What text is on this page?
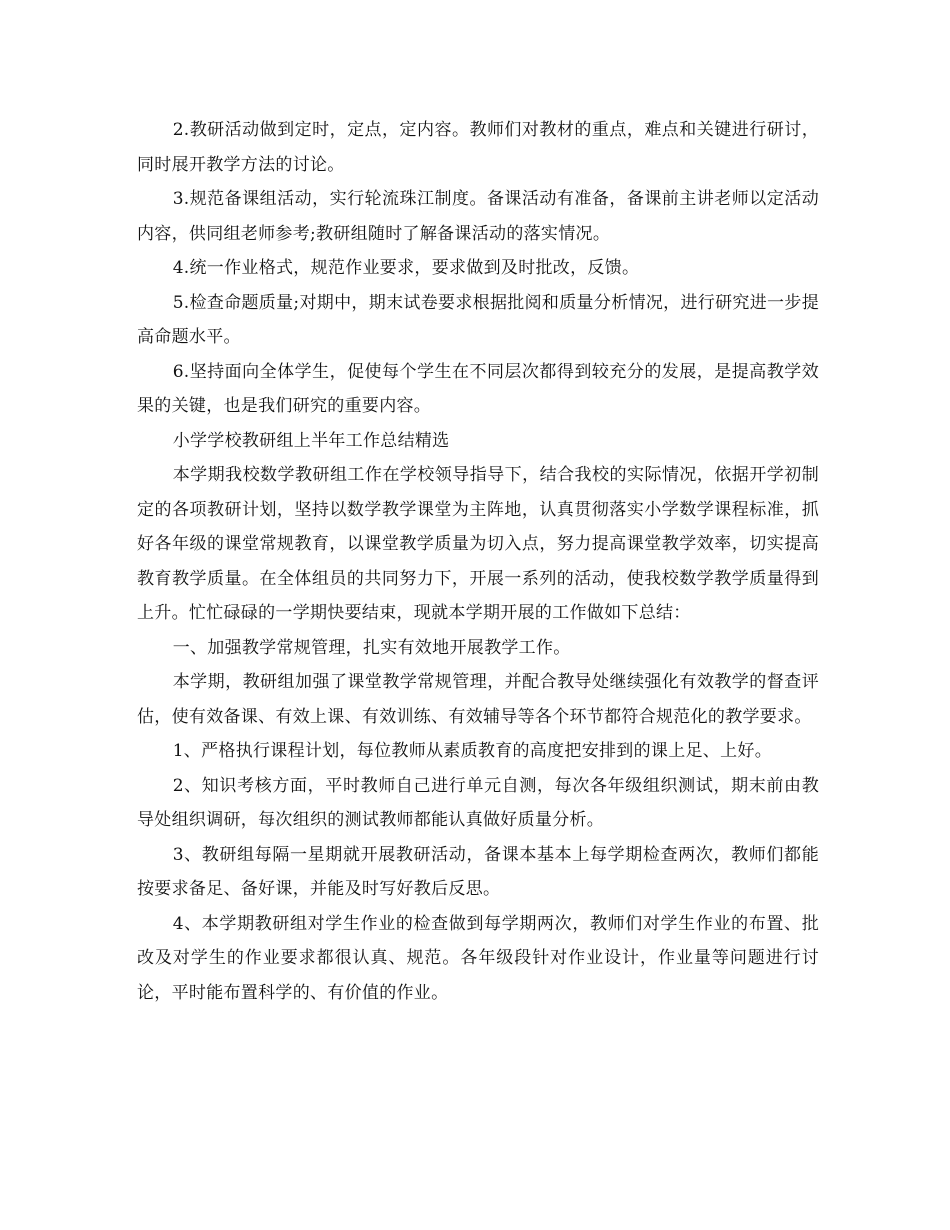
2.教研活动做到定时，定点，定内容。教师们对教材的重点，难点和关键进行研讨，同时展开教学方法的讨论。

3.规范备课组活动，实行轮流珠江制度。备课活动有准备，备课前主讲老师以定活动内容，供同组老师参考;教研组随时了解备课活动的落实情况。

4.统一作业格式，规范作业要求，要求做到及时批改，反馈。

5.检查命题质量;对期中，期末试卷要求根据批阅和质量分析情况，进行研究进一步提高命题水平。

6.坚持面向全体学生，促使每个学生在不同层次都得到较充分的发展，是提高教学效果的关键，也是我们研究的重要内容。

小学学校教研组上半年工作总结精选

本学期我校数学教研组工作在学校领导指导下，结合我校的实际情况，依据开学初制定的各项教研计划，坚持以数学教学课堂为主阵地，认真贯彻落实小学数学课程标准，抓好各年级的课堂常规教育，以课堂教学质量为切入点，努力提高课堂教学效率，切实提高教育教学质量。在全体组员的共同努力下，开展一系列的活动，使我校数学教学质量得到上升。忙忙碌碌的一学期快要结束，现就本学期开展的工作做如下总结：

一、加强教学常规管理，扎实有效地开展教学工作。

本学期，教研组加强了课堂教学常规管理，并配合教导处继续强化有效教学的督查评估，使有效备课、有效上课、有效训练、有效辅导等各个环节都符合规范化的教学要求。

1、严格执行课程计划，每位教师从素质教育的高度把安排到的课上足、上好。

2、知识考核方面，平时教师自己进行单元自测，每次各年级组织测试，期末前由教导处组织调研，每次组织的测试教师都能认真做好质量分析。

3、教研组每隔一星期就开展教研活动，备课本基本上每学期检查两次，教师们都能按要求备足、备好课，并能及时写好教后反思。

4、本学期教研组对学生作业的检查做到每学期两次，教师们对学生作业的布置、批改及对学生的作业要求都很认真、规范。各年级段针对作业设计，作业量等问题进行讨论，平时能布置科学的、有价值的作业。
